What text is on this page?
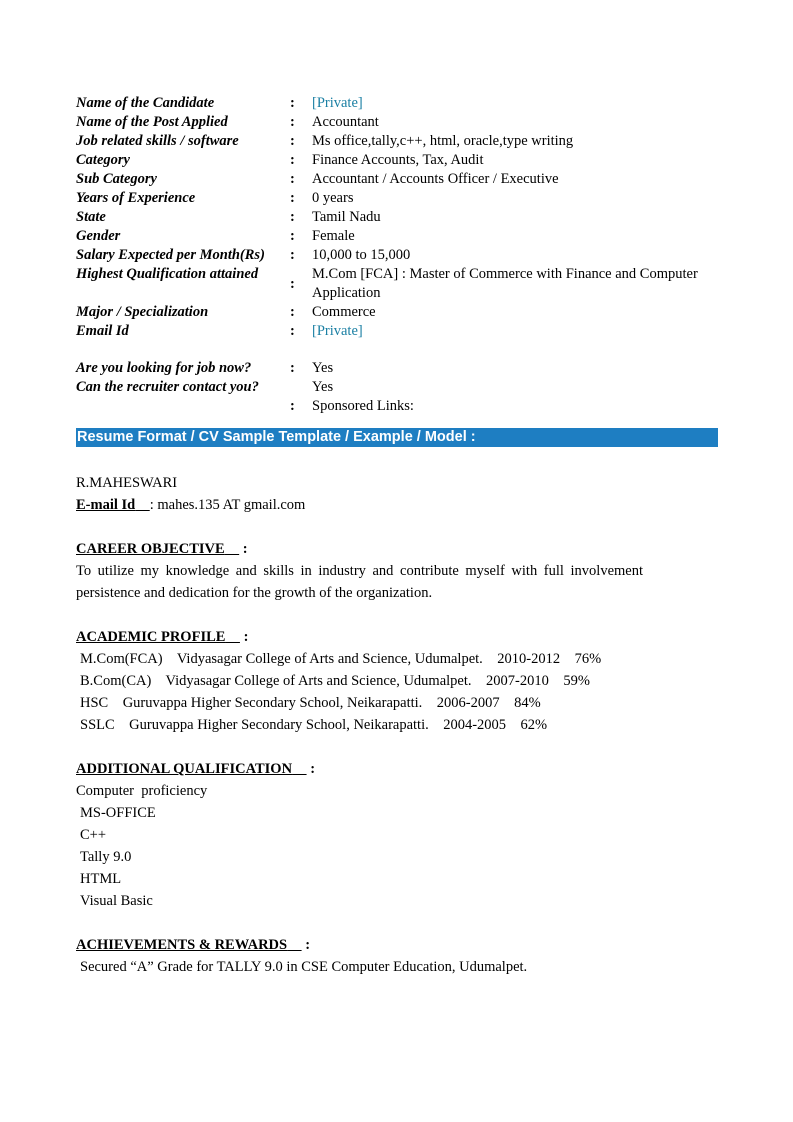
Name of the Candidate	:	[Private]
Name of the Post Applied	:	Accountant
Job related skills / software	:	Ms office,tally,c++, html, oracle,type writing
Category	:	Finance Accounts, Tax, Audit
Sub Category	:	Accountant / Accounts Officer / Executive
Years of Experience	:	0 years
State	:	Tamil Nadu
Gender	:	Female
Salary Expected per Month(Rs)	:	10,000 to 15,000
Highest Qualification attained	:	M.Com [FCA] : Master of Commerce with Finance and Computer Application
Major / Specialization	:	Commerce
Email Id	:	[Private]

Are you looking for job now?	:	Yes
Can the recruiter contact you?		Yes
	:	Sponsored Links:
Resume Format / CV Sample Template / Example / Model :
R.MAHESWARI
E-mail Id : mahes.135 AT gmail.com
CAREER OBJECTIVE :
To utilize my knowledge and skills in industry and contribute myself with full involvement persistence and dedication for the growth of the organization.
ACADEMIC PROFILE :
M.Com(FCA)    Vidyasagar College of Arts and Science, Udumalpet.    2010-2012    76%
B.Com(CA)    Vidyasagar College of Arts and Science, Udumalpet.    2007-2010    59%
HSC    Guruvappa Higher Secondary School, Neikarapatti.    2006-2007    84%
SSLC    Guruvappa Higher Secondary School, Neikarapatti.    2004-2005    62%
ADDITIONAL QUALIFICATION :
Computer  proficiency
MS-OFFICE
C++
Tally 9.0
HTML
Visual Basic
ACHIEVEMENTS & REWARDS :
Secured “A” Grade for TALLY 9.0 in CSE Computer Education, Udumalpet.
